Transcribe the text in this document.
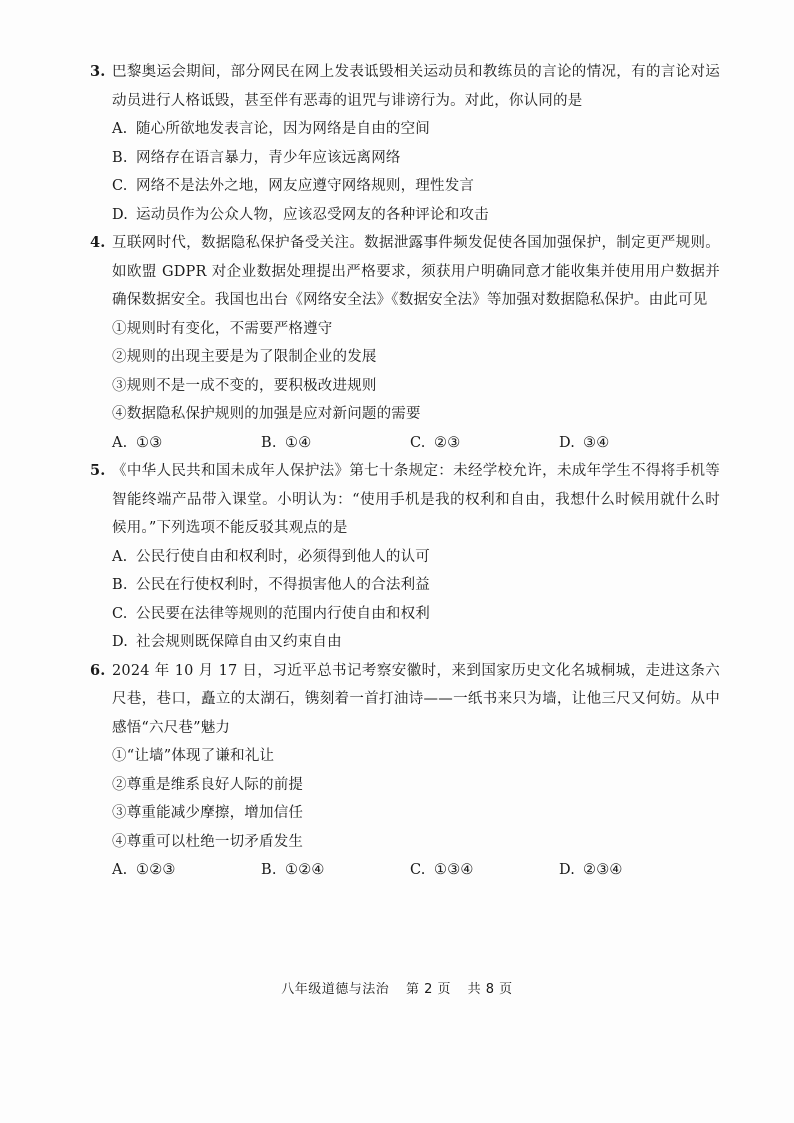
3. 巴黎奥运会期间，部分网民在网上发表诋毁相关运动员和教练员的言论的情况，有的言论对运动员进行人格诋毁，甚至伴有恶毒的诅咒与诽谤行为。对此，你认同的是
A. 随心所欲地发表言论，因为网络是自由的空间
B. 网络存在语言暴力，青少年应该远离网络
C. 网络不是法外之地，网友应遵守网络规则，理性发言
D. 运动员作为公众人物，应该忍受网友的各种评论和攻击
4. 互联网时代，数据隐私保护备受关注。数据泄露事件频发促使各国加强保护，制定更严规则。如欧盟 GDPR 对企业数据处理提出严格要求，须获用户明确同意才能收集并使用用户数据并确保数据安全。我国也出台《网络安全法》《数据安全法》等加强对数据隐私保护。由此可见
①规则时有变化，不需要严格遵守
②规则的出现主要是为了限制企业的发展
③规则不是一成不变的，要积极改进规则
④数据隐私保护规则的加强是应对新问题的需要
A. ①③	B. ①④	C. ②③	D. ③④
5. 《中华人民共和国未成年人保护法》第七十条规定：未经学校允许，未成年学生不得将手机等智能终端产品带入课堂。小明认为：“使用手机是我的权利和自由，我想什么时候用就什么时候用。”下列选项不能反驳其观点的是
A. 公民行使自由和权利时，必须得到他人的认可
B. 公民在行使权利时，不得损害他人的合法利益
C. 公民要在法律等规则的范围内行使自由和权利
D. 社会规则既保障自由又约束自由
6. 2024 年 10 月 17 日，习近平总书记考察安徽时，来到国家历史文化名城桐城，走进这条六尺巷，巷口，矗立的太湖石，镌刻着一首打油诗——一纸书来只为墙，让他三尺又何妨。从中感悟“六尺巷”魅力
①“让墙”体现了谦和礼让
②尊重是维系良好人际的前提
③尊重能减少摩擦，增加信任
④尊重可以杜绝一切矛盾发生
A. ①②③	B. ①②④	C. ①③④	D. ②③④
八年级道德与法治 第 2 页 共 8 页
